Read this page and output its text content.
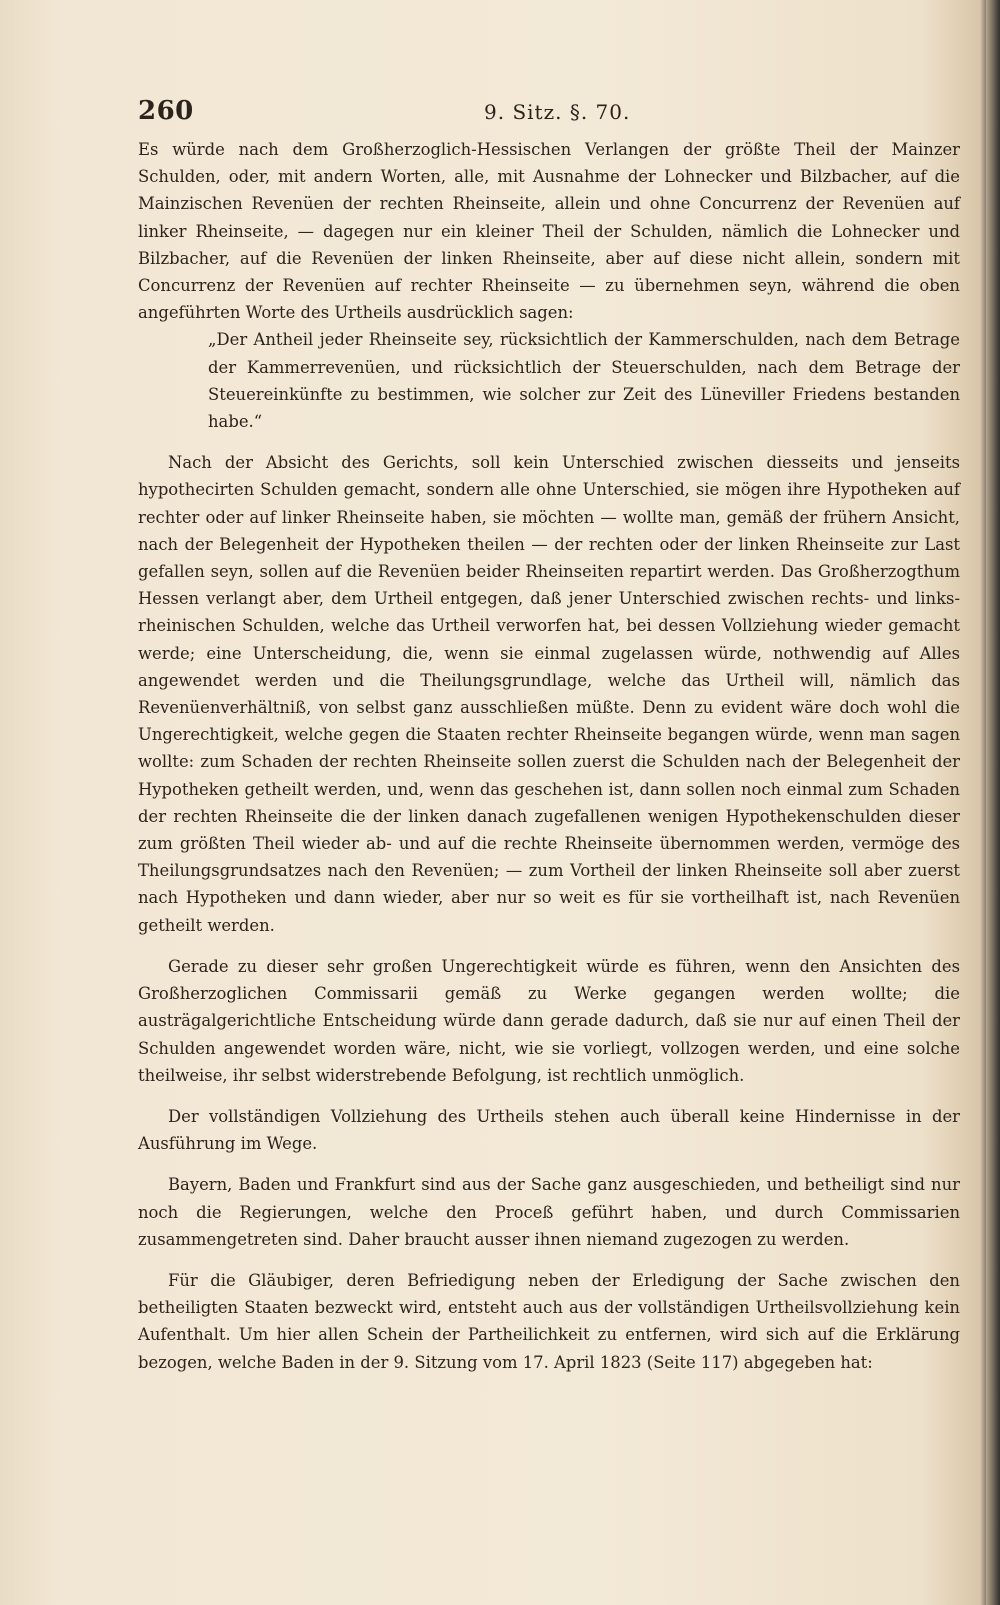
260	9. Sitz. §. 70.

Es würde nach dem Großherzoglich-Hessischen Verlangen der größte Theil der Mainzer Schulden, oder, mit andern Worten, alle, mit Ausnahme der Lohnecker und Bilzbacher, auf die Mainzischen Revenüen der rechten Rheinseite, allein und ohne Concurrenz der Revenüen auf linker Rheinseite, — dagegen nur ein kleiner Theil der Schulden, nämlich die Lohnecker und Bilzbacher, auf die Revenüen der linken Rheinseite, aber auf diese nicht allein, sondern mit Concurrenz der Revenüen auf rechter Rheinseite — zu übernehmen seyn, während die oben angeführten Worte des Urtheils ausdrücklich sagen:

„Der Antheil jeder Rheinseite sey, rücksichtlich der Kammerschulden, nach dem Betrage der Kammerrevenüen, und rücksichtlich der Steuerschulden, nach dem Betrage der Steuereinkünfte zu bestimmen, wie solcher zur Zeit des Lüneviller Friedens bestanden habe.“

Nach der Absicht des Gerichts, soll kein Unterschied zwischen diesseits und jenseits hypothecirten Schulden gemacht, sondern alle ohne Unterschied, sie mögen ihre Hypotheken auf rechter oder auf linker Rheinseite haben, sie möchten — wollte man, gemäß der frühern Ansicht, nach der Belegenheit der Hypotheken theilen — der rechten oder der linken Rheinseite zur Last gefallen seyn, sollen auf die Revenüen beider Rheinseiten repartirt werden. Das Großherzogthum Hessen verlangt aber, dem Urtheil entgegen, daß jener Unterschied zwischen rechts- und links-rheinischen Schulden, welche das Urtheil verworfen hat, bei dessen Vollziehung wieder gemacht werde; eine Unterscheidung, die, wenn sie einmal zugelassen würde, nothwendig auf Alles angewendet werden und die Theilungsgrundlage, welche das Urtheil will, nämlich das Revenüenverhältniß, von selbst ganz ausschließen müßte. Denn zu evident wäre doch wohl die Ungerechtigkeit, welche gegen die Staaten rechter Rheinseite begangen würde, wenn man sagen wollte: zum Schaden der rechten Rheinseite sollen zuerst die Schulden nach der Belegenheit der Hypotheken getheilt werden, und, wenn das geschehen ist, dann sollen noch einmal zum Schaden der rechten Rheinseite die der linken danach zugefallenen wenigen Hypothekenschulden dieser zum größten Theil wieder ab- und auf die rechte Rheinseite übernommen werden, vermöge des Theilungsgrundsatzes nach den Revenüen; — zum Vortheil der linken Rheinseite soll aber zuerst nach Hypotheken und dann wieder, aber nur so weit es für sie vortheilhaft ist, nach Revenüen getheilt werden.

Gerade zu dieser sehr großen Ungerechtigkeit würde es führen, wenn den Ansichten des Großherzoglichen Commissarii gemäß zu Werke gegangen werden wollte; die austrägalgerichtliche Entscheidung würde dann gerade dadurch, daß sie nur auf einen Theil der Schulden angewendet worden wäre, nicht, wie sie vorliegt, vollzogen werden, und eine solche theilweise, ihr selbst widerstrebende Befolgung, ist rechtlich unmöglich.

Der vollständigen Vollziehung des Urtheils stehen auch überall keine Hindernisse in der Ausführung im Wege.

Bayern, Baden und Frankfurt sind aus der Sache ganz ausgeschieden, und betheiligt sind nur noch die Regierungen, welche den Proceß geführt haben, und durch Commissarien zusammengetreten sind. Daher braucht ausser ihnen niemand zugezogen zu werden.

Für die Gläubiger, deren Befriedigung neben der Erledigung der Sache zwischen den betheiligten Staaten bezweckt wird, entsteht auch aus der vollständigen Urtheilsvollziehung kein Aufenthalt. Um hier allen Schein der Partheilichkeit zu entfernen, wird sich auf die Erklärung bezogen, welche Baden in der 9. Sitzung vom 17. April 1823 (Seite 117) abgegeben hat:
